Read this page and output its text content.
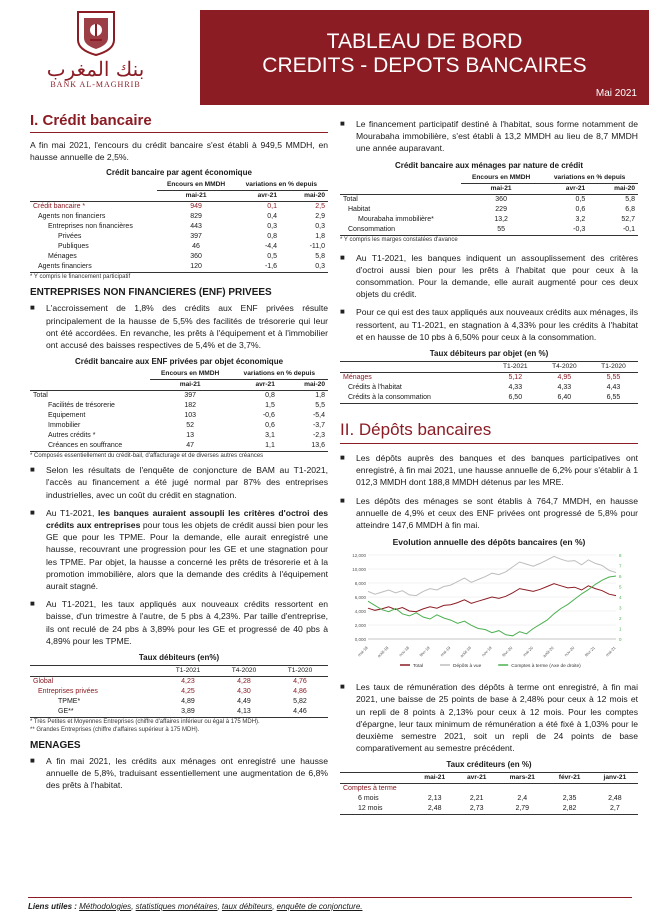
بنك المغرب
BANK AL-MAGHRIB
TABLEAU DE BORD
CREDITS - DEPOTS BANCAIRES
Mai 2021
I. Crédit bancaire

A fin mai 2021, l'encours du crédit bancaire s'est établi à 949,5 MMDH, en hausse annuelle de 2,5%.

Crédit bancaire par agent économique
	Encours en MMDH	variations en % depuis	
	mai-21	avr-21	mai-20
Crédit bancaire *	949	0,1	2,5
Agents non financiers	829	0,4	2,9
Entreprises non financières	443	0,3	0,3
Privées	397	0,8	1,8
Publiques	46	-4,4	-11,0
Ménages	360	0,5	5,8
Agents financiers	120	-1,6	0,3
* Y compris le financement participatif
ENTREPRISES NON FINANCIERES (ENF) PRIVEES
■ L'accroissement de 1,8% des crédits aux ENF privées résulte principalement de la hausse de 5,5% des facilités de trésorerie qui leur ont été accordées. En revanche, les prêts à l'équipement et à l'immobilier ont accusé des baisses respectives de 5,4% et de 3,7%.
Crédit bancaire aux ENF privées par objet économique
	Encours en MMDH	variations en % depuis	
	mai-21	avr-21	mai-20
Total	397	0,8	1,8
Facilités de trésorerie	182	1,5	5,5
Equipement	103	-0,6	-5,4
Immobilier	52	0,6	-3,7
Autres crédits *	13	3,1	-2,3
Créances en souffrance	47	1,1	13,6
* Composés essentiellement du crédit-bail, d'affacturage et de diverses autres créances
■ Selon les résultats de l'enquête de conjoncture de BAM au T1-2021, l'accès au financement a été jugé normal par 87% des entreprises industrielles, avec un coût du crédit en stagnation.
■ Au T1-2021, les banques auraient assoupli les critères d'octroi des crédits aux entreprises pour tous les objets de crédit aussi bien pour les GE que pour les TPME. Pour la demande, elle aurait enregistré une hausse, recouvrant une progression pour les GE et une stagnation pour les TPME. Par objet, la hausse a concerné les prêts de trésorerie et à la promotion immobilière, alors que la demande des crédits à l'équipement aurait stagné.
■ Au T1-2021, les taux appliqués aux nouveaux crédits ressortent en baisse, d'un trimestre à l'autre, de 5 pbs à 4,23%. Par taille d'entreprise, ils ont reculé de 24 pbs à 3,89% pour les GE et progressé de 40 pbs à 4,89% pour les TPME.
Taux débiteurs (en%)
	T1-2021	T4-2020	T1-2020
Global	4,23	4,28	4,76
Entreprises privées	4,25	4,30	4,86
TPME*	4,89	4,49	5,82
GE**	3,89	4,13	4,46
* Très Petites et Moyennes Entreprises (chiffre d'affaires inférieur ou égal à 175 MDH).
** Grandes Entreprises (chiffre d'affaires supérieur à 175 MDH).
MENAGES
■ A fin mai 2021, les crédits aux ménages ont enregistré une hausse annuelle de 5,8%, traduisant essentiellement une augmentation de 6,8% des prêts à l'habitat.
■ Le financement participatif destiné à l'habitat, sous forme notamment de Mourabaha immobilière, s'est établi à 13,2 MMDH au lieu de 8,7 MMDH une année auparavant.
Crédit bancaire aux ménages par nature de crédit
	Encours en MMDH	variations en % depuis	
	mai-21	avr-21	mai-20
Total	360	0,5	5,8
Habitat	229	0,6	6,8
Mourabaha immobilière*	13,2	3,2	52,7
Consommation	55	-0,3	-0,1
* Y compris les marges constatées d'avance
■ Au T1-2021, les banques indiquent un assouplissement des critères d'octroi aussi bien pour les prêts à l'habitat que pour ceux à la consommation. Pour la demande, elle aurait augmenté pour ces deux objets du crédit.
■ Pour ce qui est des taux appliqués aux nouveaux crédits aux ménages, ils ressortent, au T1-2021, en stagnation à 4,33% pour les crédits à l'habitat et en hausse de 10 pbs à 6,50% pour ceux à la consommation.
Taux débiteurs par objet (en %)
	T1-2021	T4-2020	T1-2020
Ménages	5,12	4,95	5,55
Crédits à l'habitat	4,33	4,33	4,43
Crédits à la consommation	6,50	6,40	6,55
II. Dépôts bancaires
■ Les dépôts auprès des banques et des banques participatives ont enregistré, à fin mai 2021, une hausse annuelle de 6,2% pour s'établir à 1 012,3 MMDH dont 188,8 MMDH détenus par les MRE.
■ Les dépôts des ménages se sont établis à 764,7 MMDH, en hausse annuelle de 4,9% et ceux des ENF privées ont progressé de 5,8% pour atteindre 147,6 MMDH à fin mai.
Evolution annuelle des dépôts bancaires (en %)
0,000
2,000
4,000
6,000
8,000
10,000
12,000
0
1
2
3
4
5
6
7
8
mai-18 août-18 nov-18 févr-19 mai-19 août-19 nov-19 févr-20 mai-20 août-20 nov-20 févr-21 mai-21
Total	Dépôts à vue	Comptes à terme (Axe de droite)
■ Les taux de rémunération des dépôts à terme ont enregistré, à fin mai 2021, une baisse de 25 points de base à 2,48% pour ceux à 12 mois et un repli de 8 points à 2,13% pour ceux à 12 mois. Pour les comptes d'épargne, leur taux minimum de rémunération a été fixé à 1,03% pour le deuxième semestre 2021, soit un repli de 24 points de base comparativement au semestre précédent.
Taux créditeurs (en %)
	mai-21	avr-21	mars-21	févr-21	janv-21
Comptes à terme					
6 mois	2,13	2,21	2,4	2,35	2,48
12 mois	2,48	2,73	2,79	2,82	2,7
Liens utiles : Méthodologies, statistiques monétaires, taux débiteurs, enquête de conjoncture.
